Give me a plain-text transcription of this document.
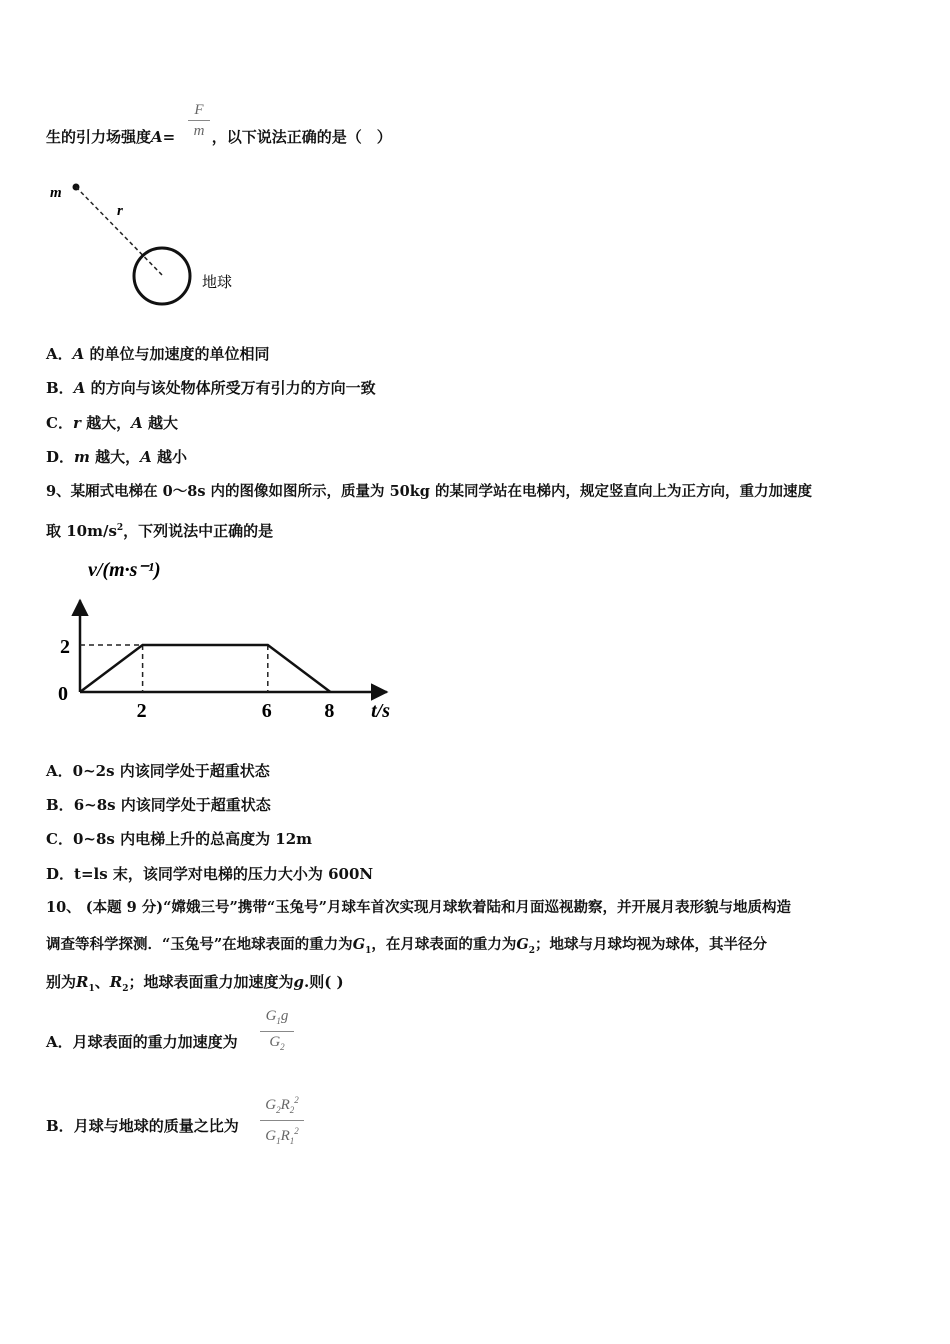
生的引力场强度A= ，以下说法正确的是（　）
F
m
m
r
地球
A．A 的单位与加速度的单位相同
B．A 的方向与该处物体所受万有引力的方向一致
C．r 越大，A 越大
D．m 越大，A 越小
9、某厢式电梯在 0～8s 内的图像如图所示，质量为 50kg 的某同学站在电梯内，规定竖直向上为正方向，重力加速度
取 $10m/s^2$，下列说法中正确的是
v/(m·s⁻¹)
t/s
0
2	6	8
2
A．0~2s 内该同学处于超重状态
B．6~8s 内该同学处于超重状态
C．0~8s 内电梯上升的总高度为 12m
D．t=ls 末，该同学对电梯的压力大小为 600N
10、 (本题 9 分)“嫦娥三号”携带“玉兔号”月球车首次实现月球软着陆和月面巡视勘察，并开展月表形貌与地质构造
调查等科学探测．“玉兔号”在地球表面的重力为$G_1$，在月球表面的重力为$G_2$；地球与月球均视为球体，其半径分
别为$R_1$、$R_2$；地球表面重力加速度为g.则( )
A．月球表面的重力加速度为
$G_1g$
$G_2$
B．月球与地球的质量之比为
$G_2R_2^2$
$G_1R_1^2$
